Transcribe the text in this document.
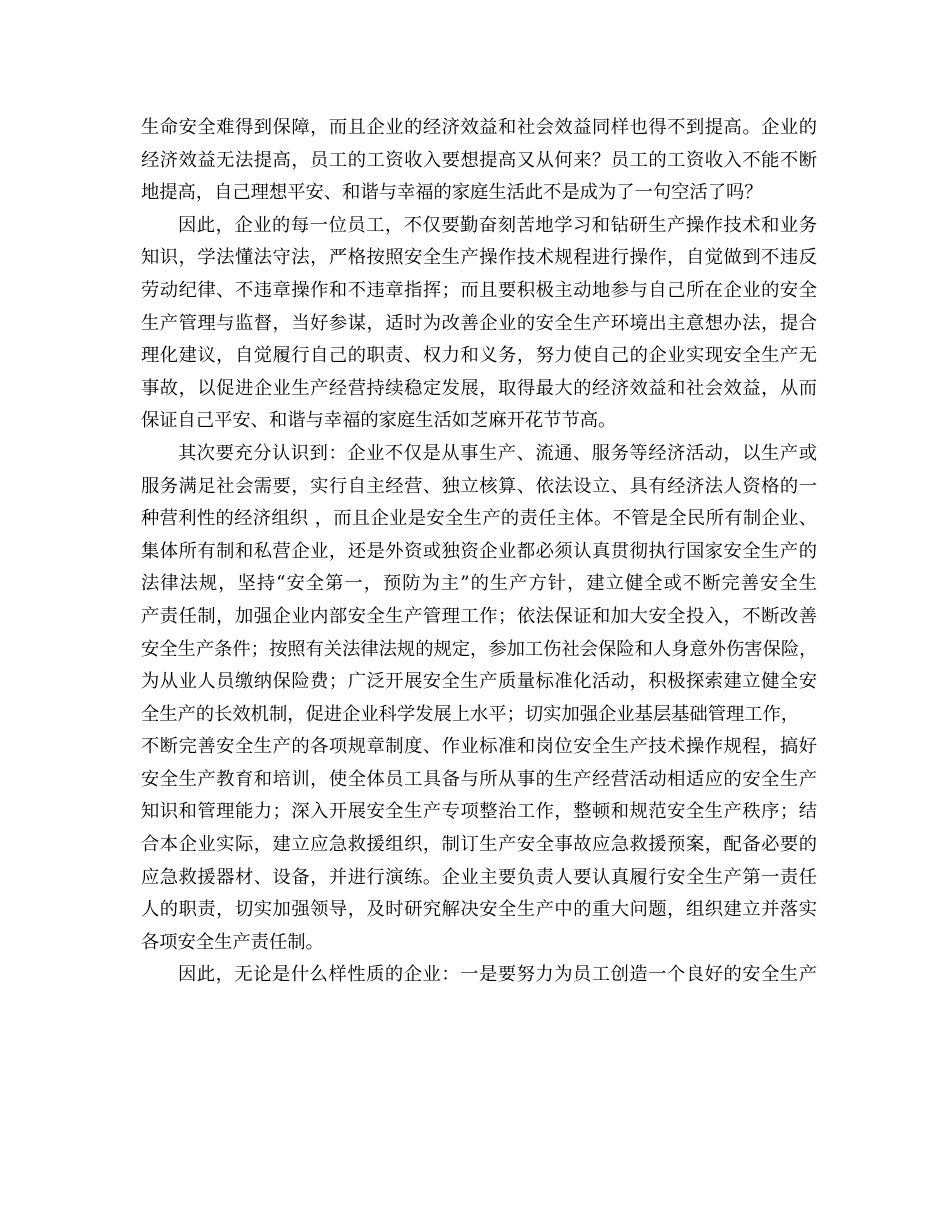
生命安全难得到保障，而且企业的经济效益和社会效益同样也得不到提高。企业的
经济效益无法提高，员工的工资收入要想提高又从何来？员工的工资收入不能不断
地提高，自己理想平安、和谐与幸福的家庭生活此不是成为了一句空活了吗？
因此，企业的每一位员工，不仅要勤奋刻苦地学习和钻研生产操作技术和业务
知识，学法懂法守法，严格按照安全生产操作技术规程进行操作，自觉做到不违反
劳动纪律、不违章操作和不违章指挥；而且要积极主动地参与自己所在企业的安全
生产管理与监督，当好参谋，适时为改善企业的安全生产环境出主意想办法，提合
理化建议，自觉履行自己的职责、权力和义务，努力使自己的企业实现安全生产无
事故，以促进企业生产经营持续稳定发展，取得最大的经济效益和社会效益，从而
保证自己平安、和谐与幸福的家庭生活如芝麻开花节节高。
其次要充分认识到：企业不仅是从事生产、流通、服务等经济活动，以生产或
服务满足社会需要，实行自主经营、独立核算、依法设立、具有经济法人资格的一
种营利性的经济组织 ，而且企业是安全生产的责任主体。不管是全民所有制企业、
集体所有制和私营企业，还是外资或独资企业都必须认真贯彻执行国家安全生产的
法律法规，坚持“安全第一，预防为主”的生产方针，建立健全或不断完善安全生
产责任制，加强企业内部安全生产管理工作；依法保证和加大安全投入，不断改善
安全生产条件；按照有关法律法规的规定，参加工伤社会保险和人身意外伤害保险，
为从业人员缴纳保险费；广泛开展安全生产质量标准化活动，积极探索建立健全安
全生产的长效机制，促进企业科学发展上水平；切实加强企业基层基础管理工作，
不断完善安全生产的各项规章制度、作业标准和岗位安全生产技术操作规程，搞好
安全生产教育和培训，使全体员工具备与所从事的生产经营活动相适应的安全生产
知识和管理能力；深入开展安全生产专项整治工作，整顿和规范安全生产秩序；结
合本企业实际，建立应急救援组织，制订生产安全事故应急救援预案，配备必要的
应急救援器材、设备，并进行演练。企业主要负责人要认真履行安全生产第一责任
人的职责，切实加强领导，及时研究解决安全生产中的重大问题，组织建立并落实
各项安全生产责任制。
因此，无论是什么样性质的企业：一是要努力为员工创造一个良好的安全生产
